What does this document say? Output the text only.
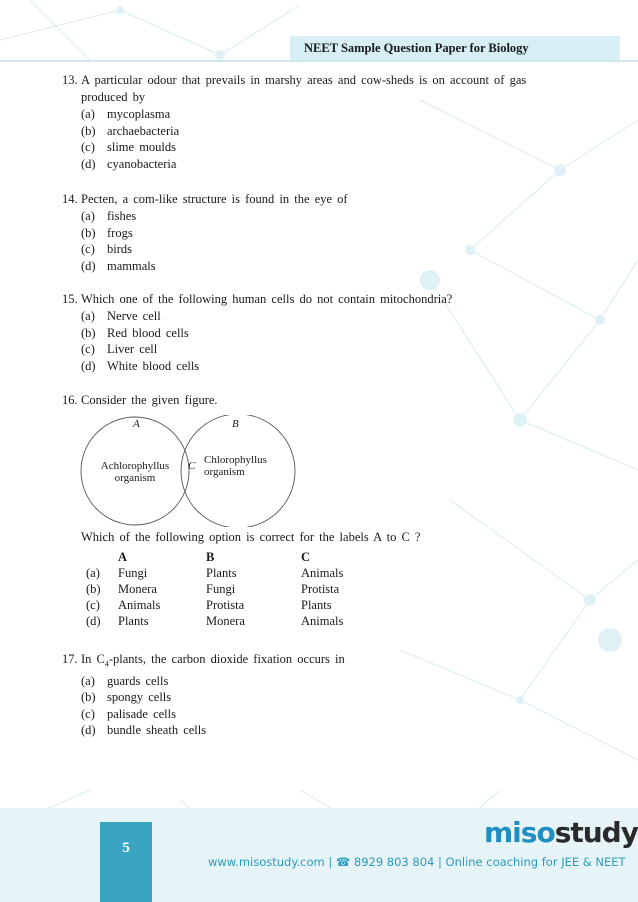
NEET Sample Question Paper for Biology
13. A particular odour that prevails in marshy areas and cow-sheds is on account of gas produced by
(a) mycoplasma
(b) archaebacteria
(c) slime moulds
(d) cyanobacteria
14. Pecten, a com-like structure is found in the eye of
(a) fishes
(b) frogs
(c) birds
(d) mammals
15. Which one of the following human cells do not contain mitochondria?
(a) Nerve cell
(b) Red blood cells
(c) Liver cell
(d) White blood cells
16. Consider the given figure.
A	B
C
Achlorophyllus
organism
Chlorophyllus
organism
Which of the following option is correct for the labels A to C ?
A	B	C
(a)	Fungi	Plants	Animals
(b)	Monera	Fungi	Protista
(c)	Animals	Protista	Plants
(d)	Plants	Monera	Animals
17. In $C_4$-plants, the carbon dioxide fixation occurs in
(a) guards cells
(b) spongy cells
(c) palisade cells
(d) bundle sheath cells
5	misostudy
www.misostudy.com | ☎ 8929 803 804 | Online coaching for JEE & NEET
